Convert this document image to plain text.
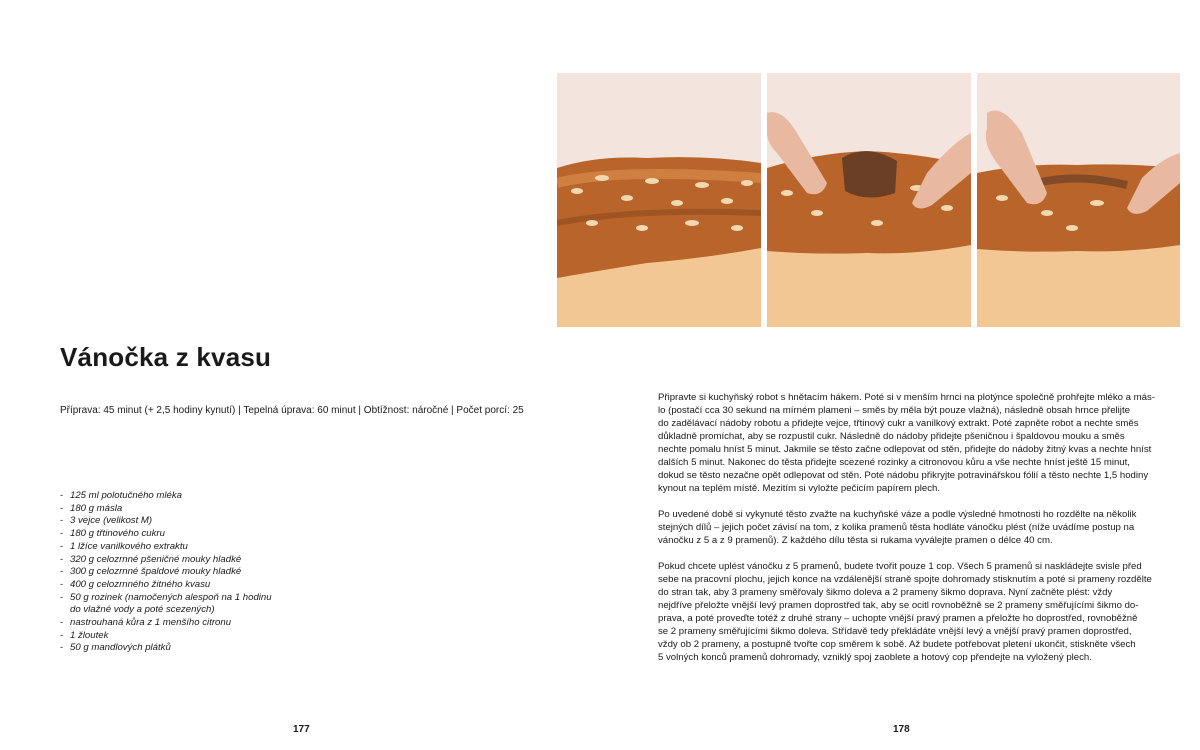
Vánočka z kvasu
Příprava: 45 minut (+ 2,5 hodiny kynutí) | Tepelná úprava: 60 minut | Obtížnost: náročné | Počet porcí: 25
- 125 ml polotučného mléka
- 180 g másla
- 3 vejce (velikost M)
- 180 g třtinového cukru
- 1 lžíce vanilkového extraktu
- 320 g celozrnné pšeničné mouky hladké
- 300 g celozrnné špaldové mouky hladké
- 400 g celozrnného žitného kvasu
- 50 g rozinek (namočených alespoň na 1 hodinu
do vlažné vody a poté scezených)
- nastrouhaná kůra z 1 menšího citronu
- 1 žloutek
- 50 g mandlových plátků
177

Připravte si kuchyňský robot s hnětacím hákem. Poté si v menším hrnci na plotýnce společně prohřejte mléko a más-
lo (postačí cca 30 sekund na mírném plameni – směs by měla být pouze vlažná), následně obsah hrnce přelijte
do zadělávací nádoby robotu a přidejte vejce, třtinový cukr a vanilkový extrakt. Poté zapněte robot a nechte směs
důkladně promíchat, aby se rozpustil cukr. Následně do nádoby přidejte pšeničnou i špaldovou mouku a směs
nechte pomalu hníst 5 minut. Jakmile se těsto začne odlepovat od stěn, přidejte do nádoby žitný kvas a nechte hníst
dalších 5 minut. Nakonec do těsta přidejte scezené rozinky a citronovou kůru a vše nechte hníst ještě 15 minut,
dokud se těsto nezačne opět odlepovat od stěn. Poté nádobu přikryjte potravinářskou fólií a těsto nechte 1,5 hodiny
kynout na teplém místě. Mezitím si vyložte pečicím papírem plech.

Po uvedené době si vykynuté těsto zvažte na kuchyňské váze a podle výsledné hmotnosti ho rozdělte na několik
stejných dílů – jejich počet závisí na tom, z kolika pramenů těsta hodláte vánočku plést (níže uvádíme postup na
vánočku z 5 a z 9 pramenů). Z každého dílu těsta si rukama vyválejte pramen o délce 40 cm.

Pokud chcete uplést vánočku z 5 pramenů, budete tvořit pouze 1 cop. Všech 5 pramenů si naskládejte svisle před
sebe na pracovní plochu, jejich konce na vzdálenější straně spojte dohromady stisknutím a poté si prameny rozdělte
do stran tak, aby 3 prameny směřovaly šikmo doleva a 2 prameny šikmo doprava. Nyní začněte plést: vždy
nejdříve přeložte vnější levý pramen doprostřed tak, aby se ocitl rovnoběžně se 2 prameny směřujícími šikmo do-
prava, a poté proveďte totéž z druhé strany – uchopte vnější pravý pramen a přeložte ho doprostřed, rovnoběžně
se 2 prameny směřujícími šikmo doleva. Střídavě tedy překládáte vnější levý a vnější pravý pramen doprostřed,
vždy ob 2 prameny, a postupně tvořte cop směrem k sobě. Až budete potřebovat pletení ukončit, stiskněte všech
5 volných konců pramenů dohromady, vzniklý spoj zaoblete a hotový cop přendejte na vyložený plech.

178
